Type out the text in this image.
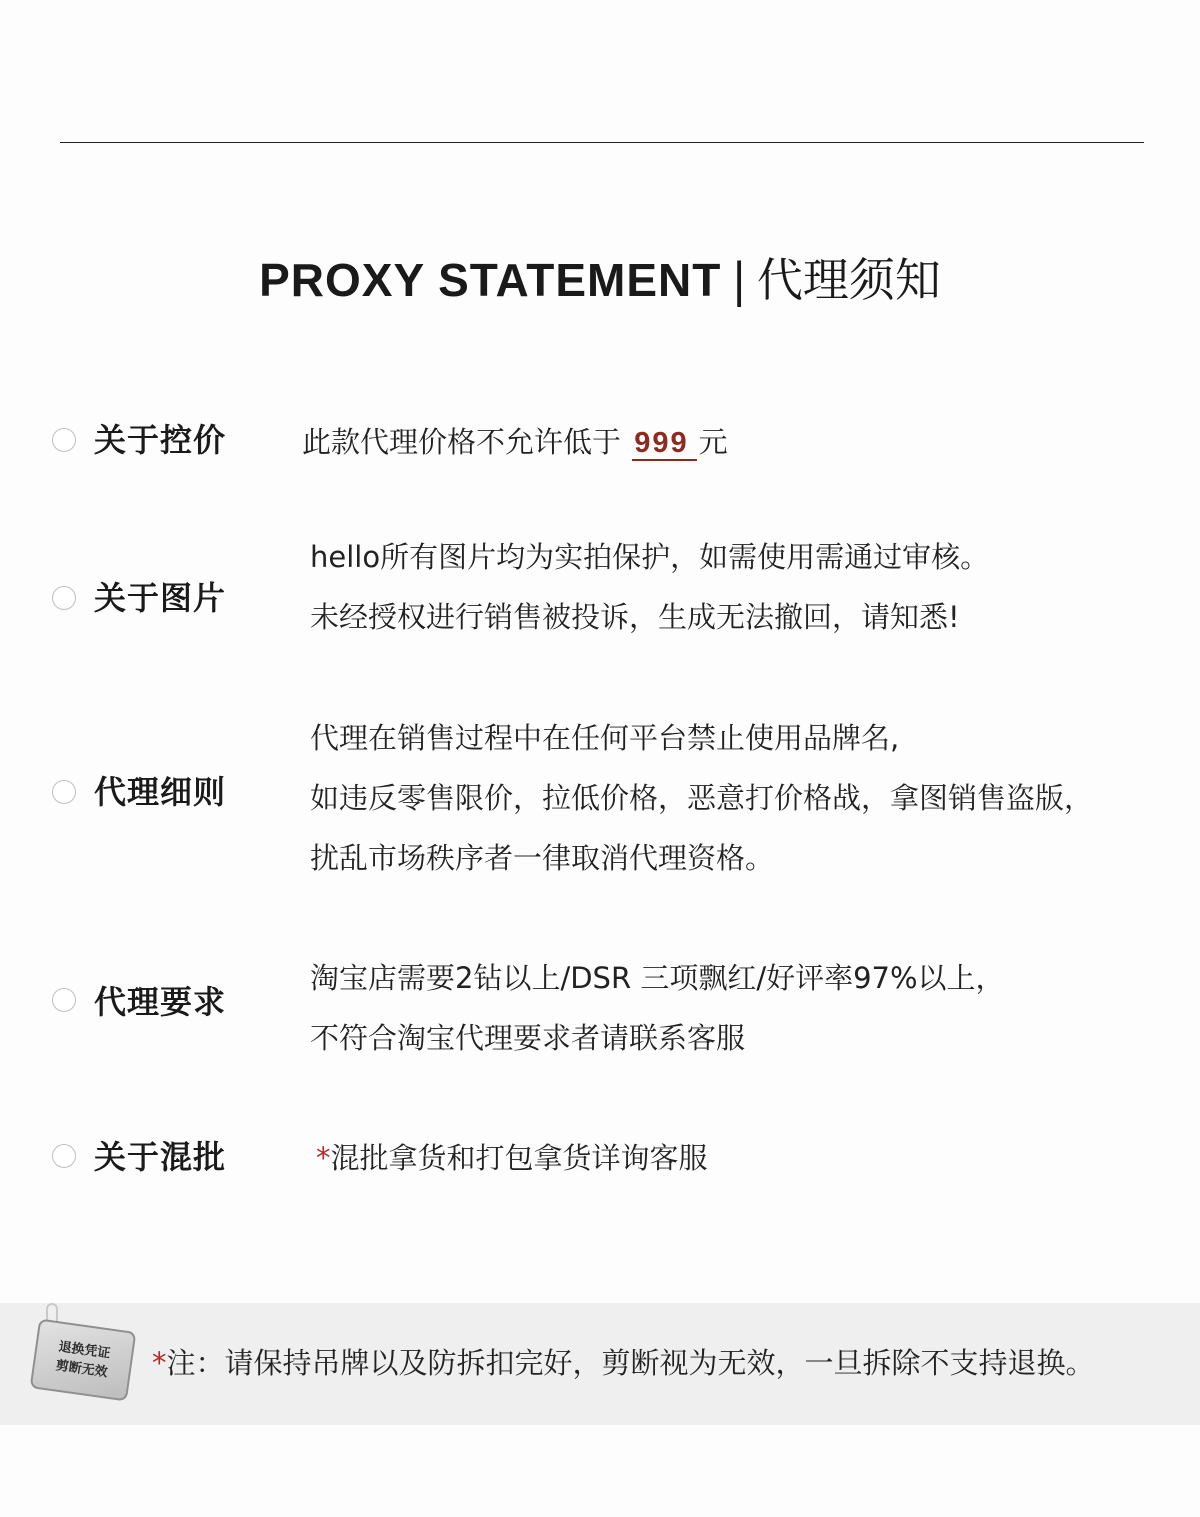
PROXY STATEMENT | 代理须知
关于控价	此款代理价格不允许低于 999 元
关于图片
hello所有图片均为实拍保护，如需使用需通过审核。
未经授权进行销售被投诉，生成无法撤回，请知悉!
代理细则
代理在销售过程中在任何平台禁止使用品牌名,
如违反零售限价，拉低价格，恶意打价格战，拿图销售盗版，
扰乱市场秩序者一律取消代理资格。
代理要求
淘宝店需要2钻以上/DSR 三项飘红/好评率97%以上，
不符合淘宝代理要求者请联系客服
关于混批	*混批拿货和打包拿货详询客服
退换凭证
剪断无效 *注：请保持吊牌以及防拆扣完好，剪断视为无效，一旦拆除不支持退换。
